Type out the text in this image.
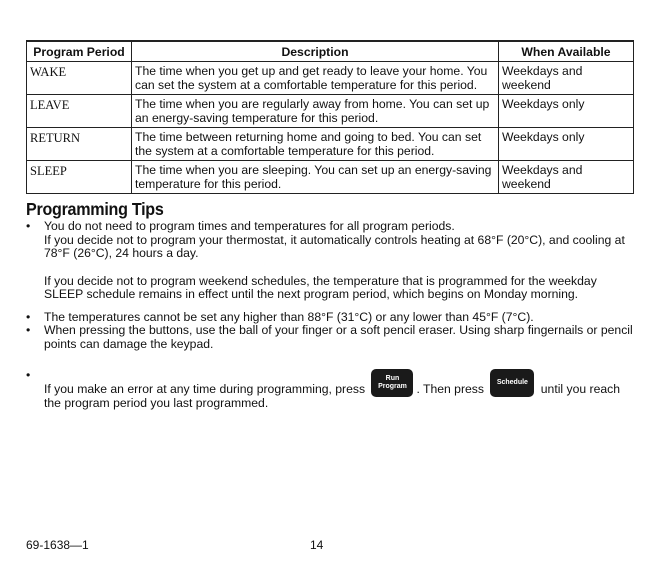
Program Period	Description	When Available
WAKE	The time when you get up and get ready to leave your home. You can set the system at a comfortable temperature for this period.	Weekdays and weekend
LEAVE	The time when you are regularly away from home. You can set up an energy-saving temperature for this period.	Weekdays only
RETURN	The time between returning home and going to bed. You can set the system at a comfortable temperature for this period.	Weekdays only
SLEEP	The time when you are sleeping. You can set up an energy-saving temperature for this period.	Weekdays and weekend
Programming Tips
• You do not need to program times and temperatures for all program periods.

If you decide not to program your thermostat, it automatically controls heating at 68°F (20°C), and cooling at 78°F (26°C), 24 hours a day.

If you decide not to program weekend schedules, the temperature that is programmed for the weekday SLEEP schedule remains in effect until the next program period, which begins on Monday morning.

• The temperatures cannot be set any higher than 88°F (31°C) or any lower than 45°F (7°C).

• When pressing the buttons, use the ball of your finger or a soft pencil eraser. Using sharp fingernails or pencil points can damage the keypad.

•
If you make an error at any time during programming, press
Run
Program . Then press	Schedule	until you reach the program period you last programmed.
69-1638—1	14
